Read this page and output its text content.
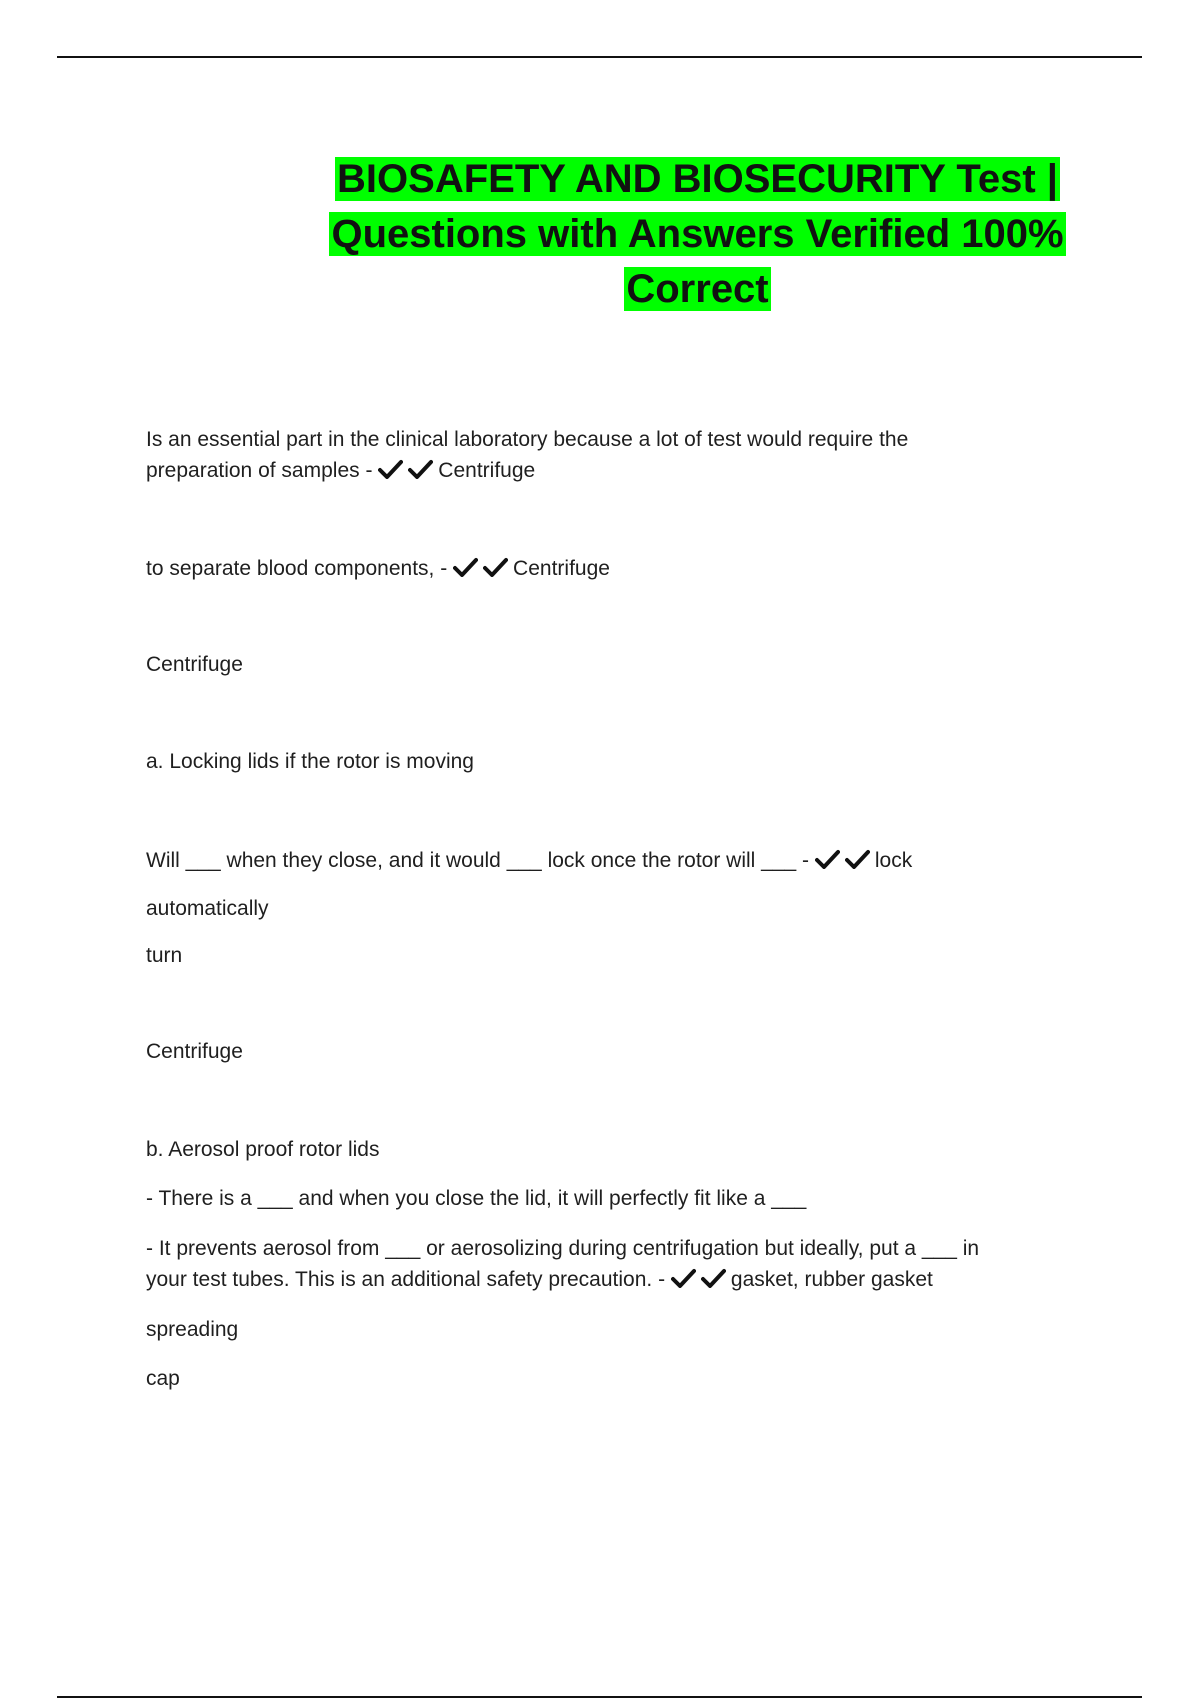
BIOSAFETY AND BIOSECURITY Test |
Questions with Answers Verified 100%
Correct
Is an essential part in the clinical laboratory because a lot of test would require the
preparation of samples -	Centrifuge
to separate blood components, -	Centrifuge
Centrifuge
a. Locking lids if the rotor is moving
Will ___ when they close, and it would ___ lock once the rotor will ___ -	lock
automatically
turn
Centrifuge
b. Aerosol proof rotor lids
- There is a ___ and when you close the lid, it will perfectly fit like a ___
- It prevents aerosol from ___ or aerosolizing during centrifugation but ideally, put a ___ in
your test tubes. This is an additional safety precaution. -	gasket, rubber gasket
spreading
cap
